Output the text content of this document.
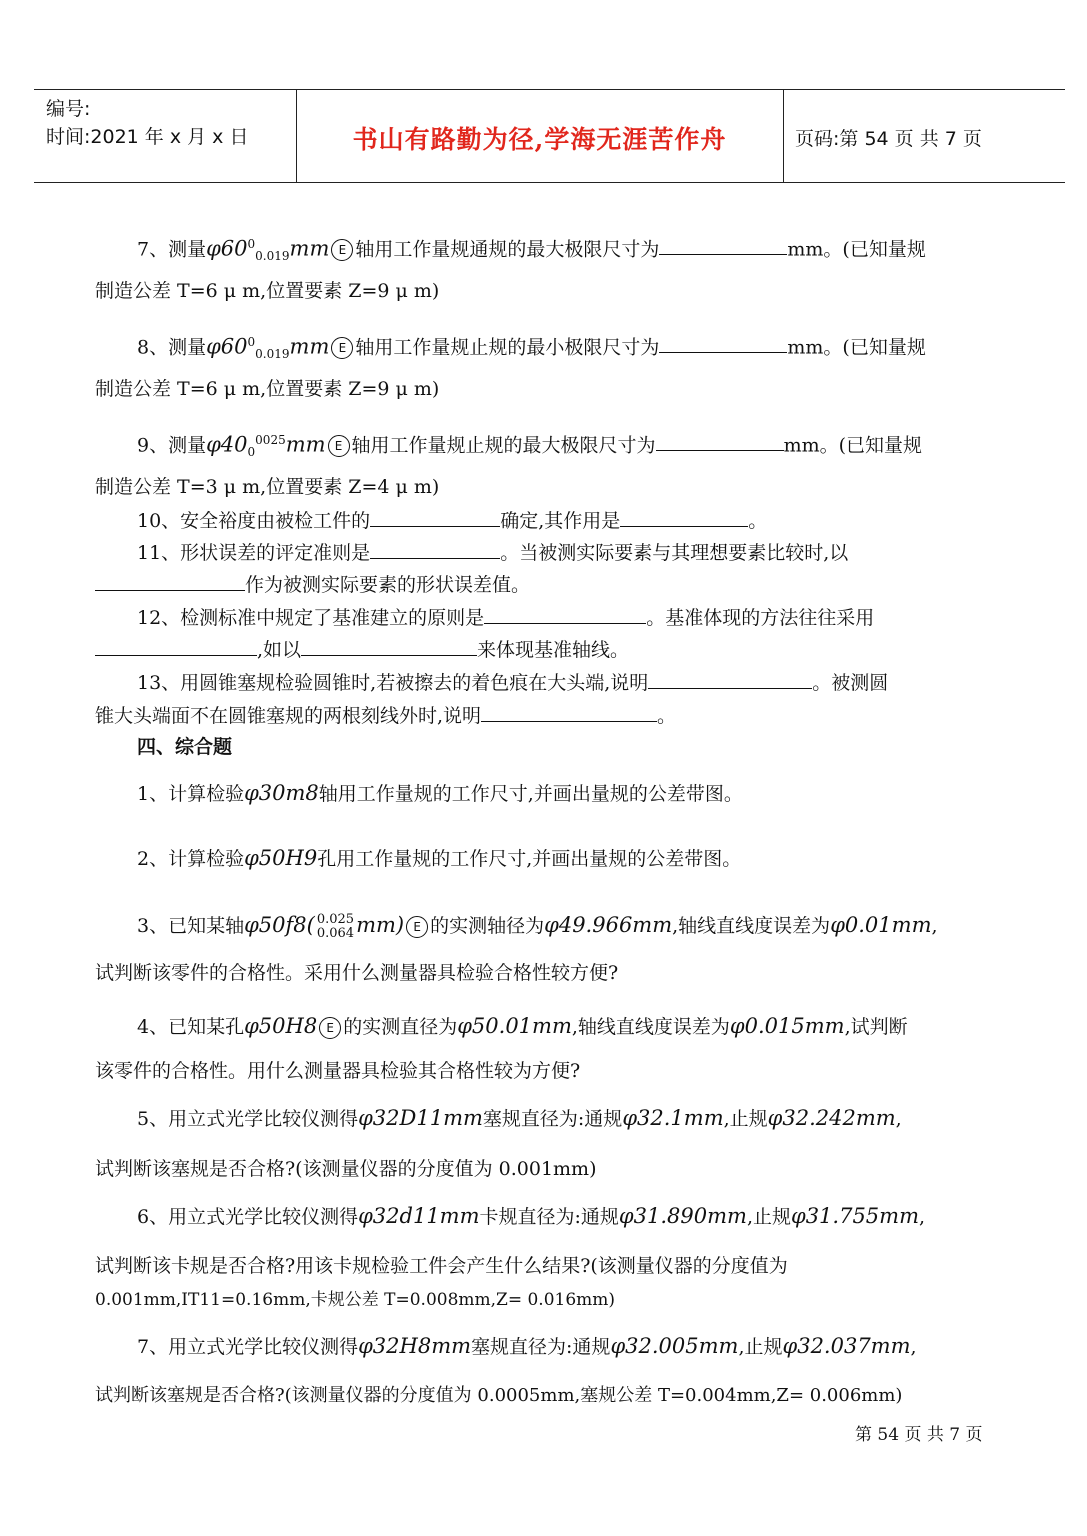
编号:
时间:2021 年 x 月 x 日	书山有路勤为径,学海无涯苦作舟	页码:第 54 页 共 7 页
7、测量$\varphi 60^0_{0.019}mm$ E 轴用工作量规通规的最大极限尺寸为	mm。(已知量规
制造公差 T=6 μ m,位置要素 Z=9 μ m)
8、测量$\varphi 60^0_{0.019}mm$ E 轴用工作量规止规的最小极限尺寸为	mm。(已知量规
制造公差 T=6 μ m,位置要素 Z=9 μ m)
9、测量$\varphi 40_0^{0025}mm$ E 轴用工作量规止规的最大极限尺寸为	mm。(已知量规
制造公差 T=3 μ m,位置要素 Z=4 μ m)
10、安全裕度由被检工件的	确定,其作用是	。
11、形状误差的评定准则是	。当被测实际要素与其理想要素比较时,以
作为被测实际要素的形状误差值。
12、检测标准中规定了基准建立的原则是	。基准体现的方法往往采用
,如以	来体现基准轴线。
13、用圆锥塞规检验圆锥时,若被擦去的着色痕在大头端,说明	。被测圆
锥大头端面不在圆锥塞规的两根刻线外时,说明	。
四、综合题
1、计算检验φ30m8轴用工作量规的工作尺寸,并画出量规的公差带图。
2、计算检验φ50H9孔用工作量规的工作尺寸,并画出量规的公差带图。
3、已知某轴φ50f8( 0.025
0.064 mm) E 的实测轴径为φ49.966mm,轴线直线度误差为φ0.01mm,
试判断该零件的合格性。采用什么测量器具检验合格性较方便?
4、已知某孔φ50H8 E 的实测直径为φ50.01mm,轴线直线度误差为φ0.015mm,试判断
该零件的合格性。用什么测量器具检验其合格性较为方便?
5、用立式光学比较仪测得φ32D11mm塞规直径为:通规φ32.1mm,止规φ32.242mm,
试判断该塞规是否合格?(该测量仪器的分度值为 0.001mm)
6、用立式光学比较仪测得φ32d11mm卡规直径为:通规φ31.890mm,止规φ31.755mm,
试判断该卡规是否合格?用该卡规检验工件会产生什么结果?(该测量仪器的分度值为
0.001mm,IT11=0.16mm,卡规公差 T=0.008mm,Z= 0.016mm)
7、用立式光学比较仪测得φ32H8mm塞规直径为:通规φ32.005mm,止规φ32.037mm,
试判断该塞规是否合格?(该测量仪器的分度值为 0.0005mm,塞规公差 T=0.004mm,Z= 0.006mm)
第 54 页 共 7 页
